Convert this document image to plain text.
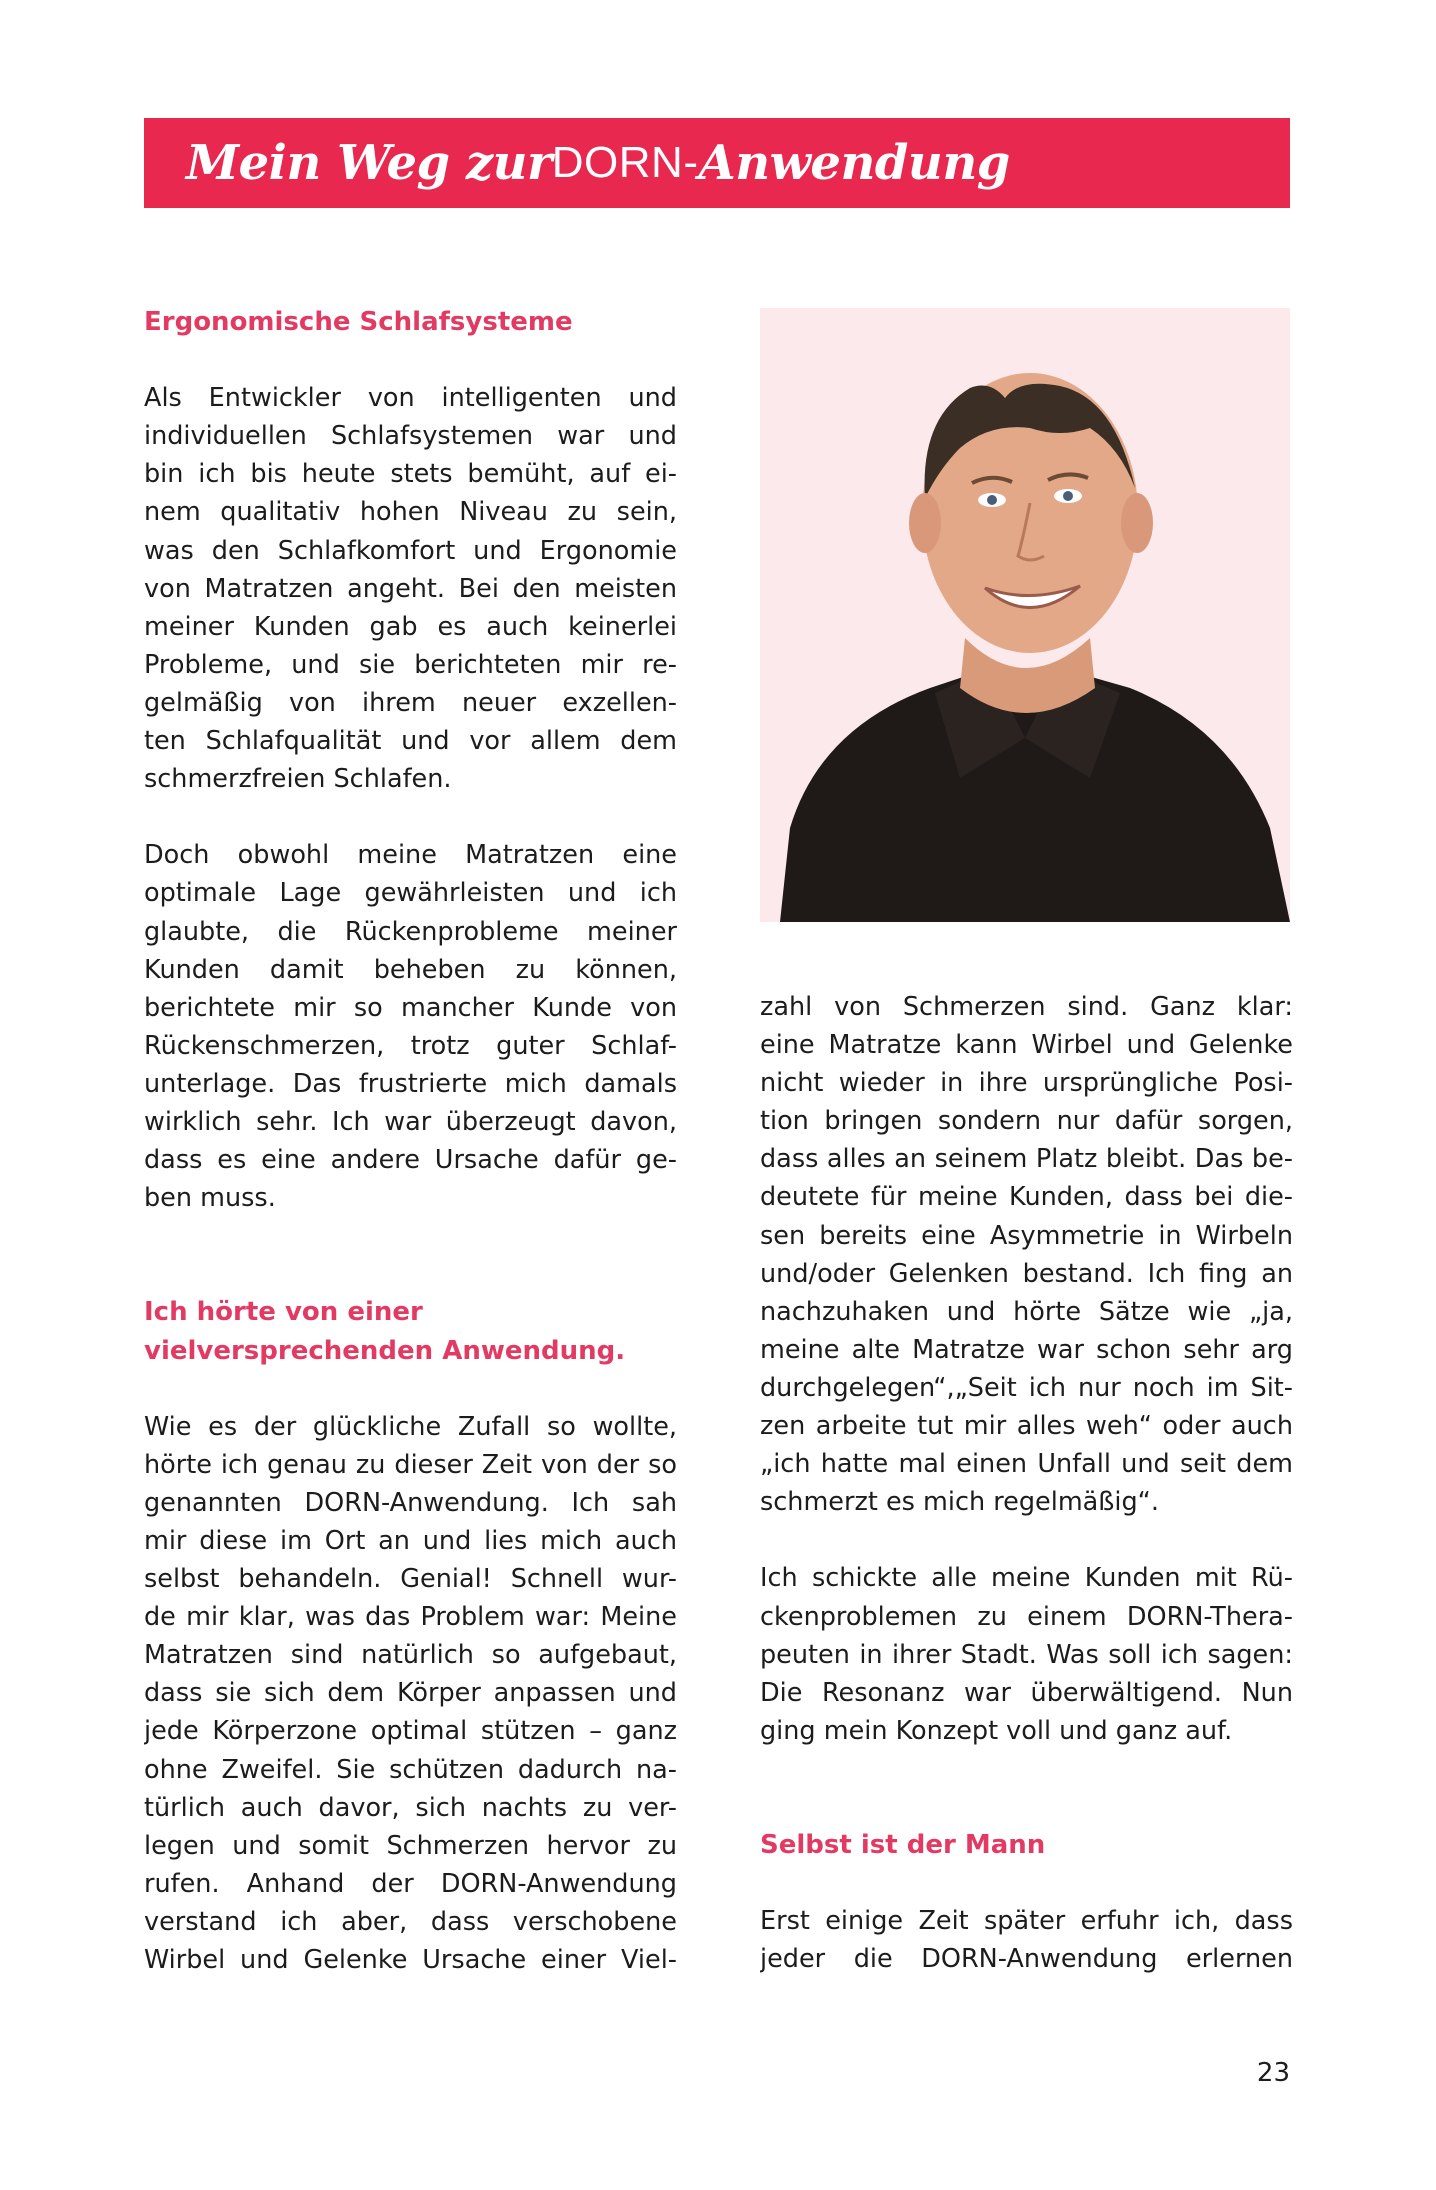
Mein Weg zur DORN- Anwendung
Ergonomische Schlafsysteme
Als Entwickler von intelligenten und
individuellen Schlafsystemen war und
bin ich bis heute stets bemüht, auf ei-
nem qualitativ hohen Niveau zu sein,
was den Schlafkomfort und Ergonomie
von Matratzen angeht. Bei den meisten
meiner Kunden gab es auch keinerlei
Probleme, und sie berichteten mir re-
gelmäßig von ihrem neuer exzellen-
ten Schlafqualität und vor allem dem
schmerzfreien Schlafen.
Doch obwohl meine Matratzen eine
optimale Lage gewährleisten und ich
glaubte, die Rückenprobleme meiner
Kunden damit beheben zu können,
berichtete mir so mancher Kunde von
Rückenschmerzen, trotz guter Schlaf-
unterlage. Das frustrierte mich damals
wirklich sehr. Ich war überzeugt davon,
dass es eine andere Ursache dafür ge-
ben muss.
Ich hörte von einer
vielversprechenden Anwendung.
Wie es der glückliche Zufall so wollte,
hörte ich genau zu dieser Zeit von der so
genannten DORN-Anwendung. Ich sah
mir diese im Ort an und lies mich auch
selbst behandeln. Genial! Schnell wur-
de mir klar, was das Problem war: Meine
Matratzen sind natürlich so aufgebaut,
dass sie sich dem Körper anpassen und
jede Körperzone optimal stützen – ganz
ohne Zweifel. Sie schützen dadurch na-
türlich auch davor, sich nachts zu ver-
legen und somit Schmerzen hervor zu
rufen. Anhand der DORN-Anwendung
verstand ich aber, dass verschobene
Wirbel und Gelenke Ursache einer Viel-
zahl von Schmerzen sind. Ganz klar:
eine Matratze kann Wirbel und Gelenke
nicht wieder in ihre ursprüngliche Posi-
tion bringen sondern nur dafür sorgen,
dass alles an seinem Platz bleibt. Das be-
deutete für meine Kunden, dass bei die-
sen bereits eine Asymmetrie in Wirbeln
und/oder Gelenken bestand. Ich fing an
nachzuhaken und hörte Sätze wie „ja,
meine alte Matratze war schon sehr arg
durchgelegen“,„Seit ich nur noch im Sit-
zen arbeite tut mir alles weh“ oder auch
„ich hatte mal einen Unfall und seit dem
schmerzt es mich regelmäßig“.
Ich schickte alle meine Kunden mit Rü-
ckenproblemen zu einem DORN-Thera-
peuten in ihrer Stadt. Was soll ich sagen:
Die Resonanz war überwältigend. Nun
ging mein Konzept voll und ganz auf.
Selbst ist der Mann
Erst einige Zeit später erfuhr ich, dass
jeder die DORN-Anwendung erlernen
23
